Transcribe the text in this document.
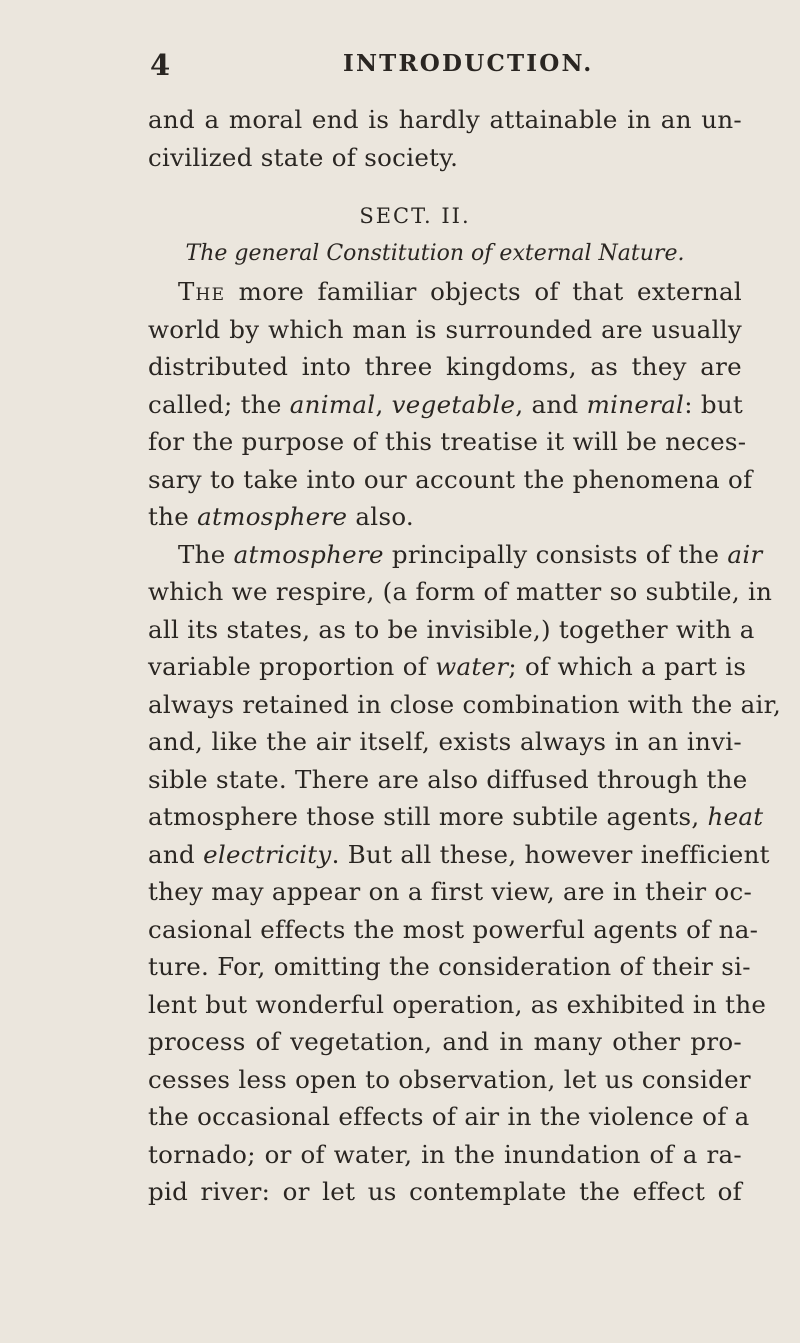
4	INTRODUCTION.
and a moral end is hardly attainable in an un-
civilized state of society.
SECT. II.
The general Constitution of external Nature.
The more familiar objects of that external
world by which man is surrounded are usually
distributed into three kingdoms, as they are
called; the animal, vegetable, and mineral: but
for the purpose of this treatise it will be neces-
sary to take into our account the phenomena of
the atmosphere also.
The atmosphere principally consists of the air
which we respire, (a form of matter so subtile, in
all its states, as to be invisible,) together with a
variable proportion of water; of which a part is
always retained in close combination with the air,
and, like the air itself, exists always in an invi-
sible state. There are also diffused through the
atmosphere those still more subtile agents, heat
and electricity. But all these, however inefficient
they may appear on a first view, are in their oc-
casional effects the most powerful agents of na-
ture. For, omitting the consideration of their si-
lent but wonderful operation, as exhibited in the
process of vegetation, and in many other pro-
cesses less open to observation, let us consider
the occasional effects of air in the violence of a
tornado; or of water, in the inundation of a ra-
pid river: or let us contemplate the effect of
